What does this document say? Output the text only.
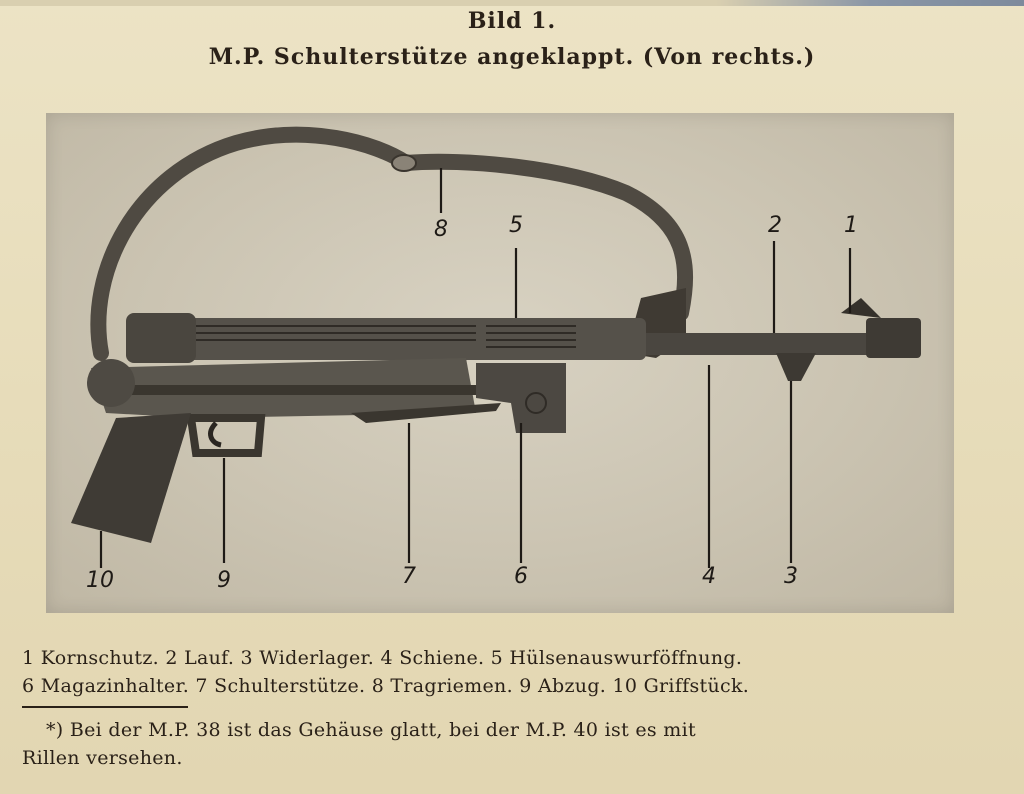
Bild 1.
M.P. Schulterstütze angeklappt. (Von rechts.)
1
2
3
4
5
6
7
8
9
10
1 Kornschutz. 2 Lauf. 3 Widerlager. 4 Schiene. 5 Hülsenauswurföffnung.
6 Magazinhalter. 7 Schulterstütze. 8 Tragriemen. 9 Abzug. 10 Griffstück.
*) Bei der M.P. 38 ist das Gehäuse glatt, bei der M.P. 40 ist es mit
Rillen versehen.
